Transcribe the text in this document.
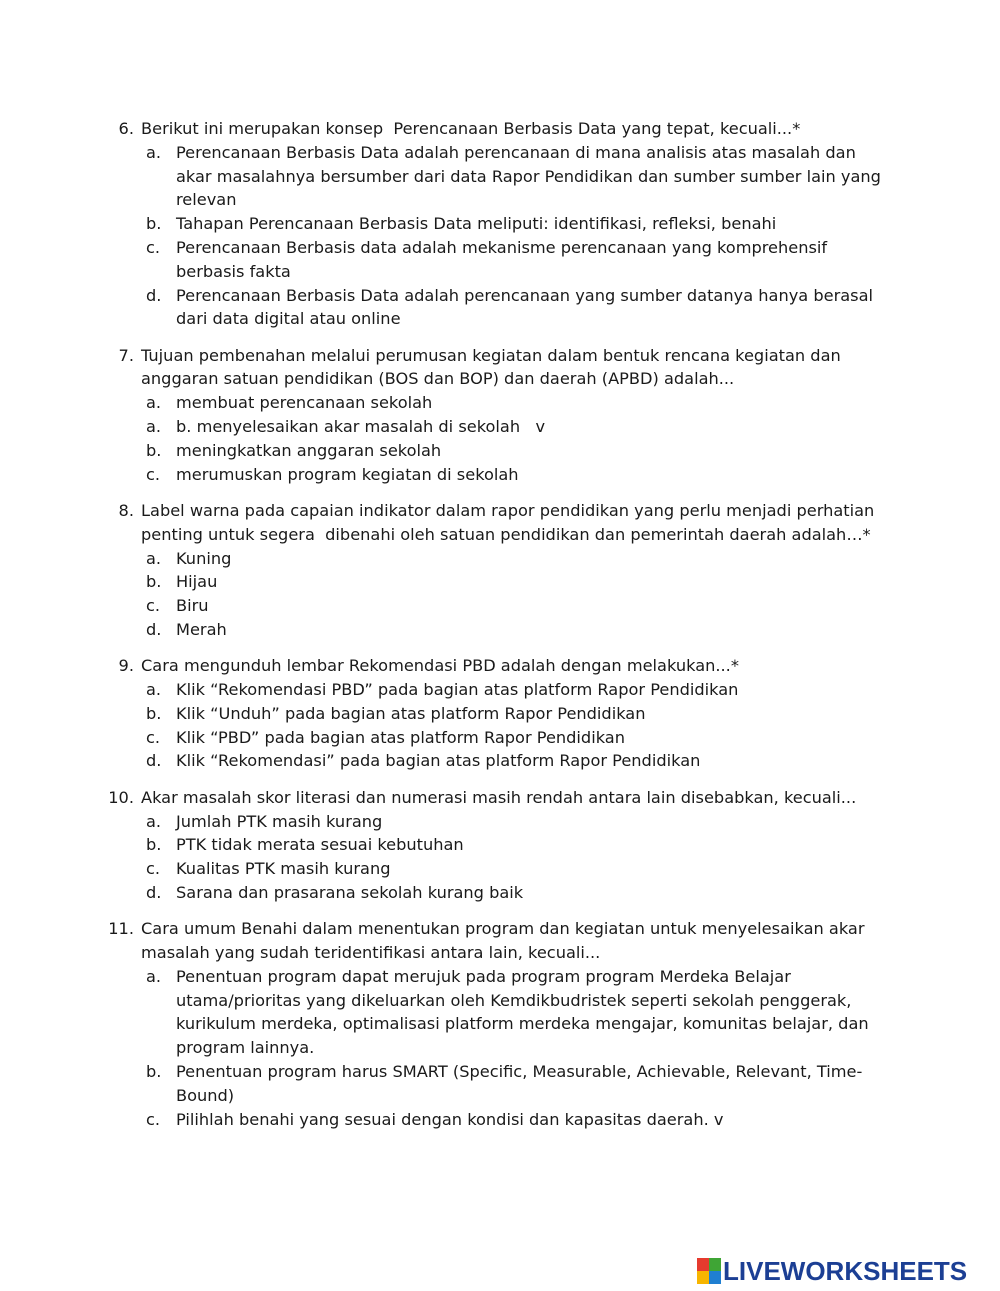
6. Berikut ini merupakan konsep  Perencanaan Berbasis Data yang tepat, kecuali...*
a. Perencanaan Berbasis Data adalah perencanaan di mana analisis atas masalah dan akar masalahnya bersumber dari data Rapor Pendidikan dan sumber sumber lain yang relevan
b. Tahapan Perencanaan Berbasis Data meliputi: identifikasi, refleksi, benahi
c. Perencanaan Berbasis data adalah mekanisme perencanaan yang komprehensif berbasis fakta
d. Perencanaan Berbasis Data adalah perencanaan yang sumber datanya hanya berasal dari data digital atau online
7. Tujuan pembenahan melalui perumusan kegiatan dalam bentuk rencana kegiatan dan anggaran satuan pendidikan (BOS dan BOP) dan daerah (APBD) adalah...
a. membuat perencanaan sekolah
a. b. menyelesaikan akar masalah di sekolah   v
b. meningkatkan anggaran sekolah
c. merumuskan program kegiatan di sekolah
8. Label warna pada capaian indikator dalam rapor pendidikan yang perlu menjadi perhatian penting untuk segera  dibenahi oleh satuan pendidikan dan pemerintah daerah adalah…*
a. Kuning
b. Hijau
c. Biru
d. Merah
9. Cara mengunduh lembar Rekomendasi PBD adalah dengan melakukan...*
a. Klik “Rekomendasi PBD” pada bagian atas platform Rapor Pendidikan
b. Klik “Unduh” pada bagian atas platform Rapor Pendidikan
c. Klik “PBD” pada bagian atas platform Rapor Pendidikan
d. Klik “Rekomendasi” pada bagian atas platform Rapor Pendidikan
10. Akar masalah skor literasi dan numerasi masih rendah antara lain disebabkan, kecuali...
a. Jumlah PTK masih kurang
b. PTK tidak merata sesuai kebutuhan
c. Kualitas PTK masih kurang
d. Sarana dan prasarana sekolah kurang baik
11. Cara umum Benahi dalam menentukan program dan kegiatan untuk menyelesaikan akar masalah yang sudah teridentifikasi antara lain, kecuali...
a. Penentuan program dapat merujuk pada program program Merdeka Belajar utama/prioritas yang dikeluarkan oleh Kemdikbudristek seperti sekolah penggerak, kurikulum merdeka, optimalisasi platform merdeka mengajar, komunitas belajar, dan program lainnya.
b. Penentuan program harus SMART (Specific, Measurable, Achievable, Relevant, Time-Bound)
c. Pilihlah benahi yang sesuai dengan kondisi dan kapasitas daerah. v
LIVEWORKSHEETS
